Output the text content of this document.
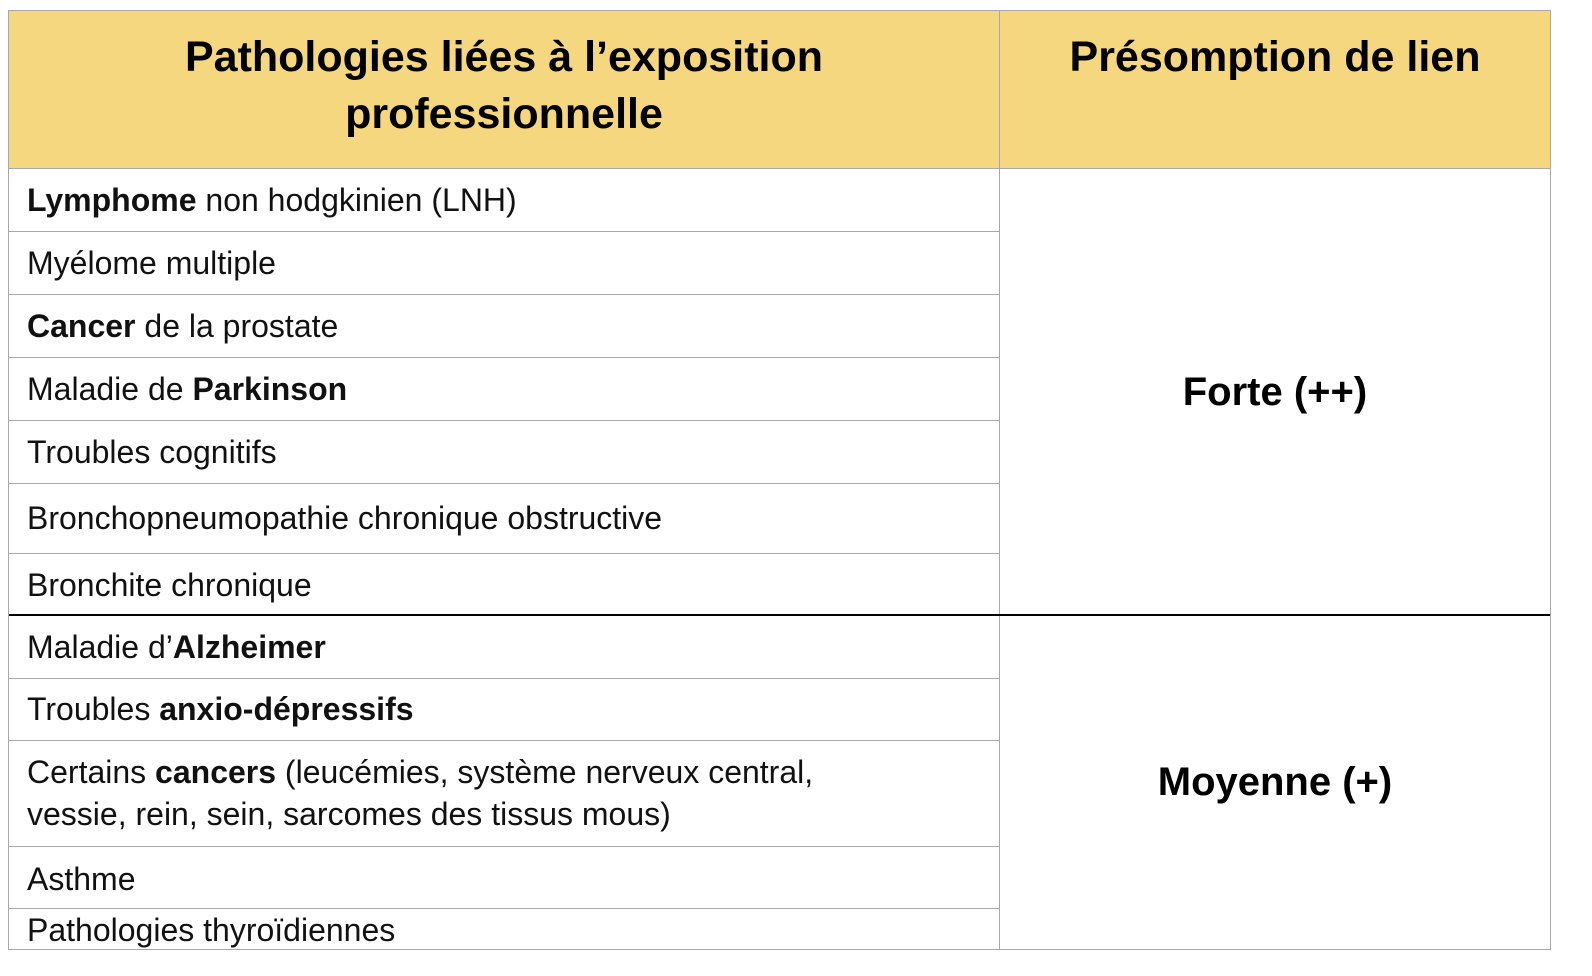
Pathologies liées à l’exposition
professionnelle
Présomption de lien
Lymphome non hodgkinien (LNH)
Myélome multiple
Cancer de la prostate
Maladie de Parkinson
Troubles cognitifs
Bronchopneumopathie chronique obstructive
Bronchite chronique
Forte (++)
Maladie d’Alzheimer
Troubles anxio-dépressifs
Certains cancers (leucémies, système nerveux central,
vessie, rein, sein, sarcomes des tissus mous)
Asthme
Pathologies thyroïdiennes
Moyenne (+)
